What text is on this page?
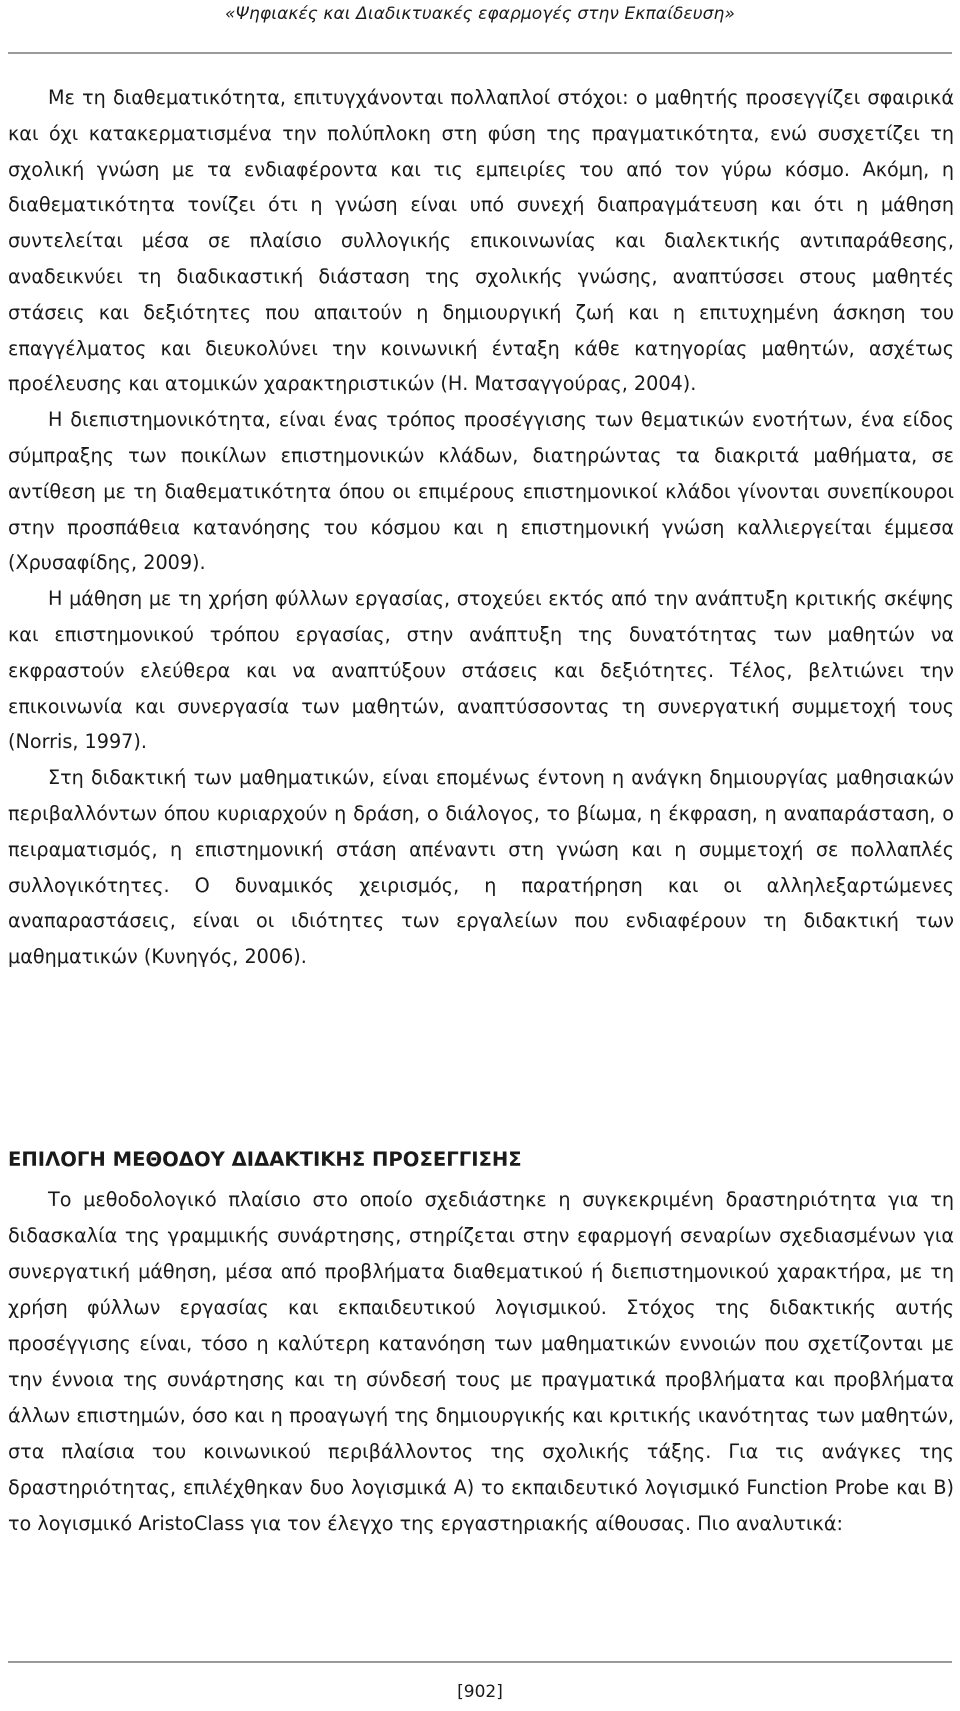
«Ψηφιακές και Διαδικτυακές εφαρμογές στην Εκπαίδευση»

Με τη διαθεματικότητα, επιτυγχάνονται πολλαπλοί στόχοι: ο μαθητής προσεγγίζει σφαιρικά και όχι κατακερματισμένα την πολύπλοκη στη φύση της πραγματικότητα, ενώ συσχετίζει τη σχολική γνώση με τα ενδιαφέροντα και τις εμπειρίες του από τον γύρω κόσμο. Ακόμη, η διαθεματικότητα τονίζει ότι η γνώση είναι υπό συνεχή διαπραγμάτευση και ότι η μάθηση συντελείται μέσα σε πλαίσιο συλλογικής επικοινωνίας και διαλεκτικής αντιπαράθεσης, αναδεικνύει τη διαδικαστική διάσταση της σχολικής γνώσης, αναπτύσσει στους μαθητές στάσεις και δεξιότητες που απαιτούν η δημιουργική ζωή και η επιτυχημένη άσκηση του επαγγέλματος και διευκολύνει την κοινωνική ένταξη κάθε κατηγορίας μαθητών, ασχέτως προέλευσης και ατομικών χαρακτηριστικών (Η. Ματσαγγούρας, 2004).

Η διεπιστημονικότητα, είναι ένας τρόπος προσέγγισης των θεματικών ενοτήτων, ένα είδος σύμπραξης των ποικίλων επιστημονικών κλάδων, διατηρώντας τα διακριτά μαθήματα, σε αντίθεση με τη διαθεματικότητα όπου οι επιμέρους επιστημονικοί κλάδοι γίνονται συνεπίκουροι στην προσπάθεια κατανόησης του κόσμου και η επιστημονική γνώση καλλιεργείται έμμεσα (Χρυσαφίδης, 2009).

Η μάθηση με τη χρήση φύλλων εργασίας, στοχεύει εκτός από την ανάπτυξη κριτικής σκέψης και επιστημονικού τρόπου εργασίας, στην ανάπτυξη της δυνατότητας των μαθητών να εκφραστούν ελεύθερα και να αναπτύξουν στάσεις και δεξιότητες. Τέλος, βελτιώνει την επικοινωνία και συνεργασία των μαθητών, αναπτύσσοντας τη συνεργατική συμμετοχή τους (Norris, 1997).

Στη διδακτική των μαθηματικών, είναι επομένως έντονη η ανάγκη δημιουργίας μαθησιακών περιβαλλόντων όπου κυριαρχούν η δράση, ο διάλογος, το βίωμα, η έκφραση, η αναπαράσταση, ο πειραματισμός, η επιστημονική στάση απέναντι στη γνώση και η συμμετοχή σε πολλαπλές συλλογικότητες. Ο δυναμικός χειρισμός, η παρατήρηση και οι αλληλεξαρτώμενες αναπαραστάσεις, είναι οι ιδιότητες των εργαλείων που ενδιαφέρουν τη διδακτική των μαθηματικών (Κυνηγός, 2006).

ΕΠΙΛΟΓΗ ΜΕΘΟΔΟΥ ΔΙΔΑΚΤΙΚΗΣ ΠΡΟΣΕΓΓΙΣΗΣ

Το μεθοδολογικό πλαίσιο στο οποίο σχεδιάστηκε η συγκεκριμένη δραστηριότητα για τη διδασκαλία της γραμμικής συνάρτησης, στηρίζεται στην εφαρμογή σεναρίων σχεδιασμένων για συνεργατική μάθηση, μέσα από προβλήματα διαθεματικού ή διεπιστημονικού χαρακτήρα, με τη χρήση φύλλων εργασίας και εκπαιδευτικού λογισμικού. Στόχος της διδακτικής αυτής προσέγγισης είναι, τόσο η καλύτερη κατανόηση των μαθηματικών εννοιών που σχετίζονται με την έννοια της συνάρτησης και τη σύνδεσή τους με πραγματικά προβλήματα και προβλήματα άλλων επιστημών, όσο και η προαγωγή της δημιουργικής και κριτικής ικανότητας των μαθητών, στα πλαίσια του κοινωνικού περιβάλλοντος της σχολικής τάξης. Για τις ανάγκες της δραστηριότητας, επιλέχθηκαν δυο λογισμικά Α) το εκπαιδευτικό λογισμικό Function Probe και Β) το λογισμικό AristoClass για τον έλεγχο της εργαστηριακής αίθουσας. Πιο αναλυτικά:

[902]
